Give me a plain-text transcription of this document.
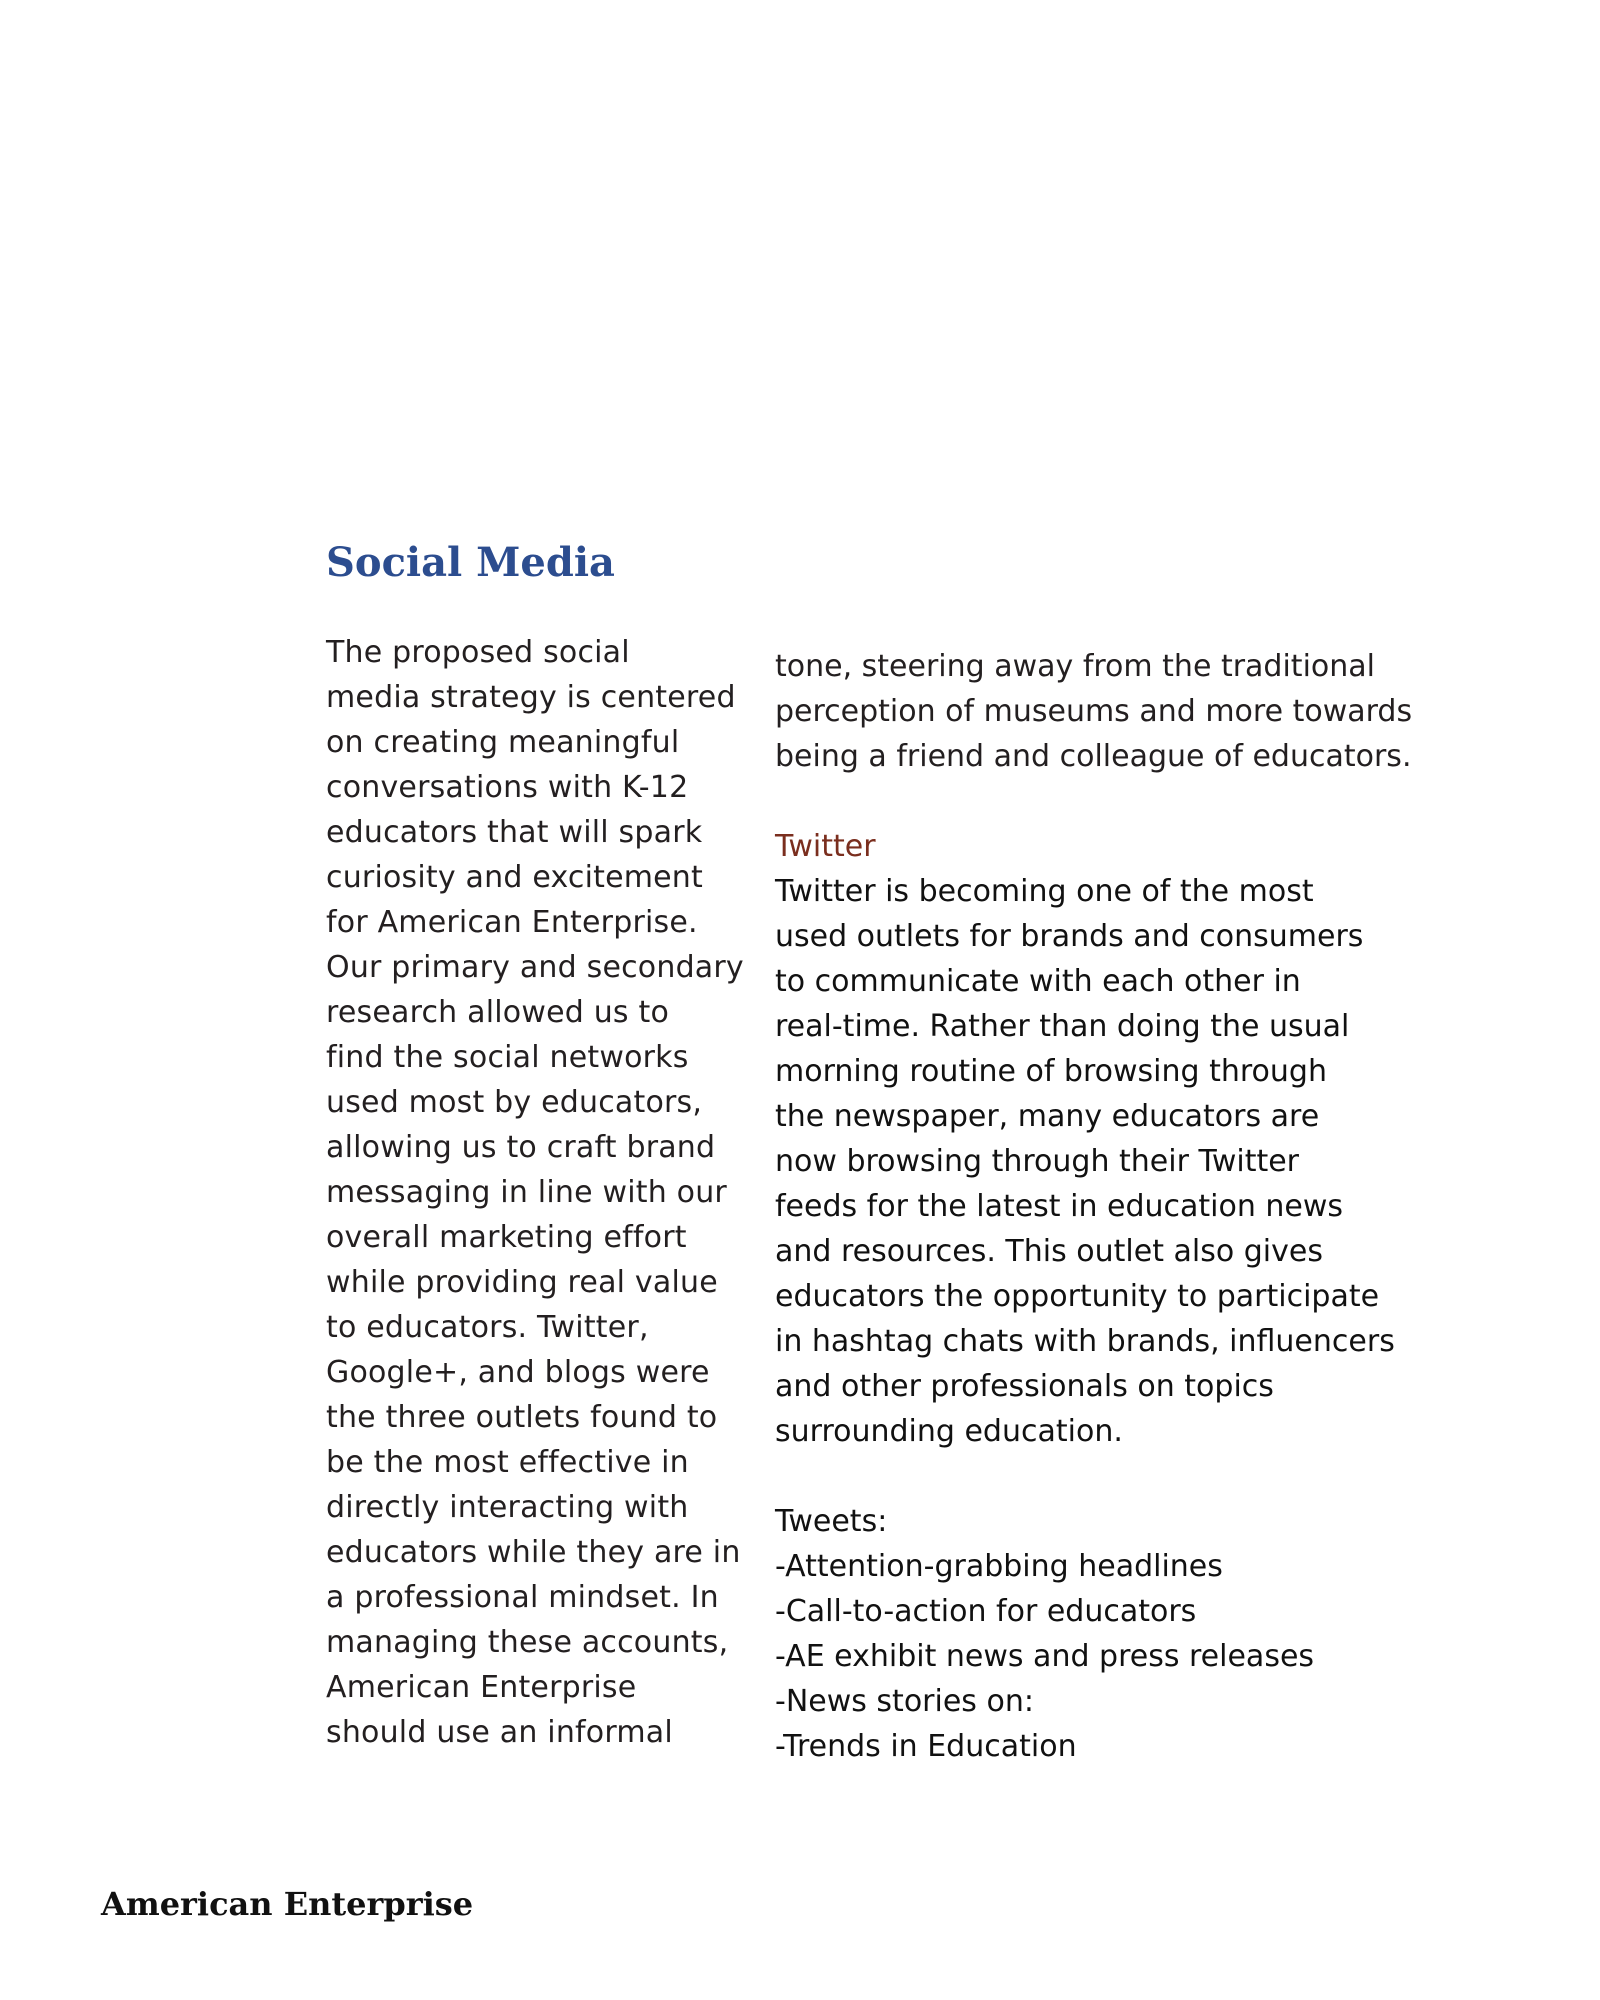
Social Media

The proposed social
media strategy is centered
on creating meaningful
conversations with K-12
educators that will spark
curiosity and excitement
for American Enterprise.
Our primary and secondary
research allowed us to
find the social networks
used most by educators,
allowing us to craft brand
messaging in line with our
overall marketing effort
while providing real value
to educators. Twitter,
Google+, and blogs were
the three outlets found to
be the most effective in
directly interacting with
educators while they are in
a professional mindset. In
managing these accounts,
American Enterprise
should use an informal

tone, steering away from the traditional
perception of museums and more towards
being a friend and colleague of educators.

Twitter

Twitter is becoming one of the most
used outlets for brands and consumers
to communicate with each other in
real-time. Rather than doing the usual
morning routine of browsing through
the newspaper, many educators are
now browsing through their Twitter
feeds for the latest in education news
and resources. This outlet also gives
educators the opportunity to participate
in hashtag chats with brands, influencers
and other professionals on topics
surrounding education.

Tweets:

-Attention-grabbing headlines
-Call-to-action for educators
-AE exhibit news and press releases
-News stories on:
-Trends in Education

American Enterprise
